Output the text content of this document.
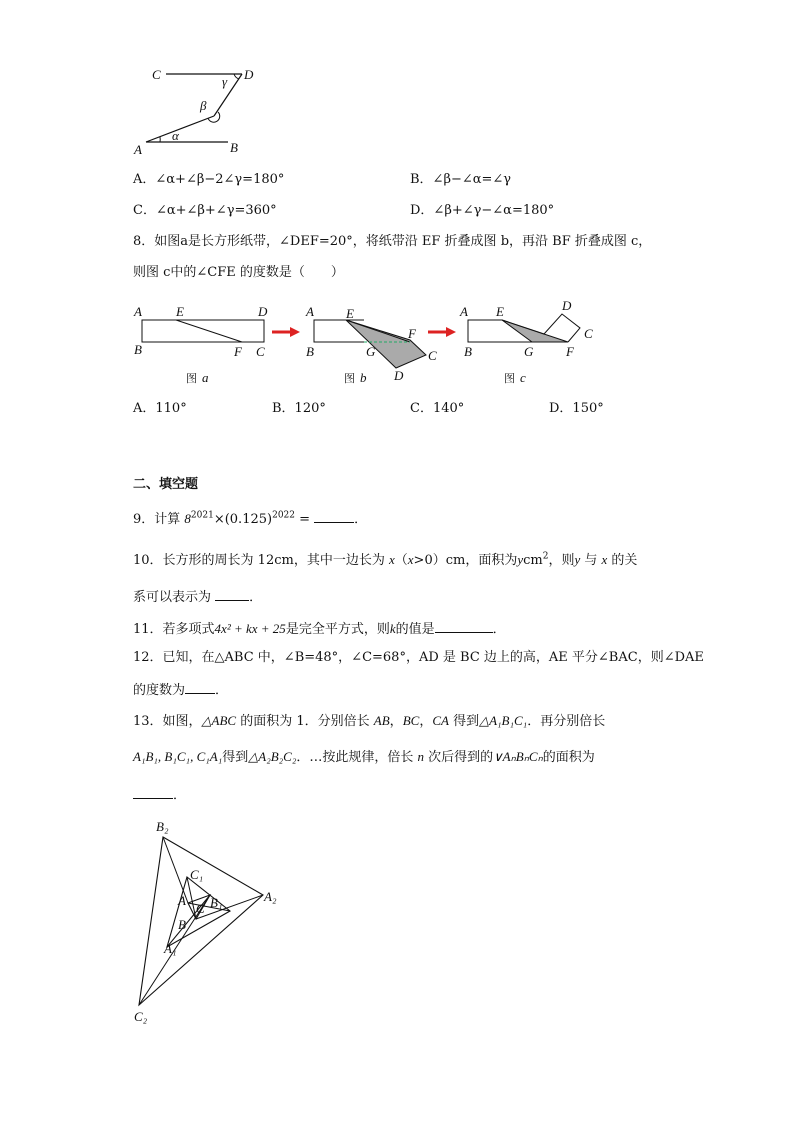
C	D
A	B
α
β
γ
A．∠α+∠β−2∠γ=180°	B．∠β−∠α=∠γ
C．∠α+∠β+∠γ=360°	D．∠β+∠γ−∠α=180°
8．如图a是长方形纸带，∠DEF=20°，将纸带沿 EF 折叠成图 b，再沿 BF 折叠成图 c，
则图 c中的∠CFE 的度数是（　　）
A	E	D
B	F C
图 a
A E
F
B	G	C
D
图 b
A E	D
C
B	G	F
图 c
A．110°	B．120°	C．140°	D．150°
二、填空题
9．计算 $8^{2021}\times(0.125)^{2022}$ =	．
10．长方形的周长为 12cm，其中一边长为 x（x>0）cm，面积为ycm$^2$，则y 与 x 的关
系可以表示为	．
11．若多项式4x² + kx + 25是完全平方式，则k的值是	．
12．已知，在△ABC 中，∠B=48°，∠C=68°，AD 是 BC 边上的高，AE 平分∠BAC，则∠DAE
的度数为 ．
13．如图，△ABC 的面积为 1．分别倍长 AB，BC，CA 得到△A₁B₁C₁．再分别倍长
A₁B₁, B₁C₁, C₁A₁得到△A₂B₂C₂．…按此规律，倍长 n 次后得到的∨AₙBₙCₙ的面积为
．
B₂
C₁
A B₁
C
B
A₂
A₁
C₂
